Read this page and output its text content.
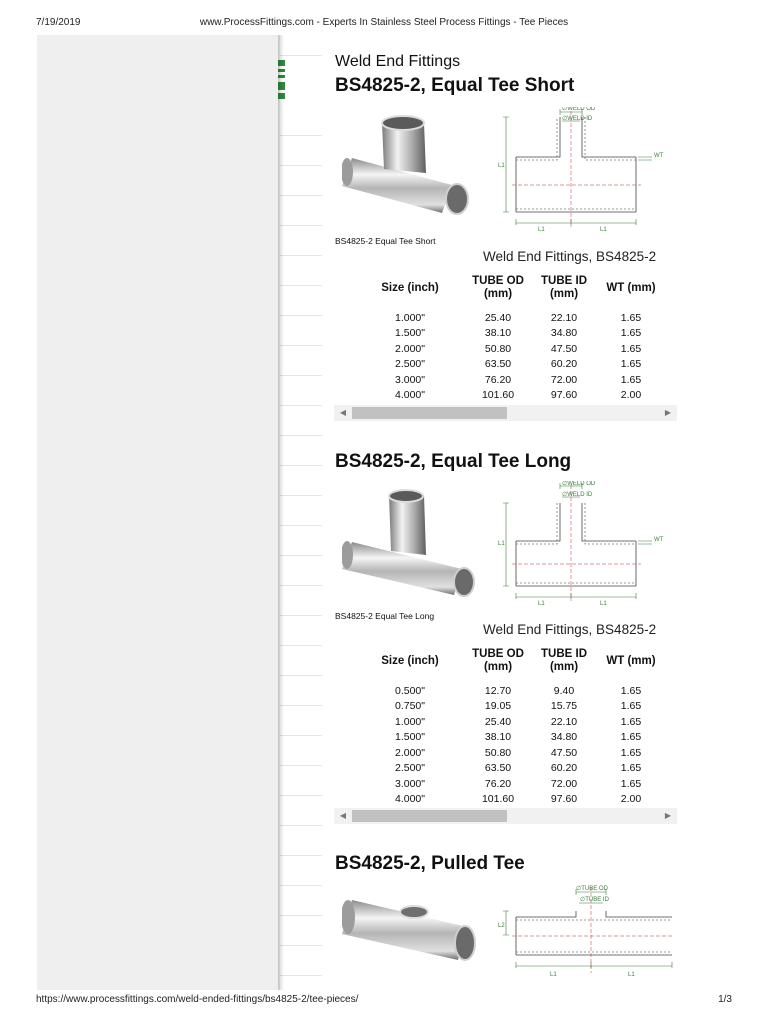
7/19/2019	www.ProcessFittings.com - Experts In Stainless Steel Process Fittings - Tee Pieces
https://www.processfittings.com/weld-ended-fittings/bs4825-2/tee-pieces/	1/3
Weld End Fittings
BS4825-2, Equal Tee Short
∅WELD OD
∅WELD ID
WT
L1
L1	L1
BS4825-2 Equal Tee Short
Weld End Fittings, BS4825-2
Size (inch)	TUBE OD (mm)	TUBE ID (mm)	WT (mm)
1.000"	25.40	22.10	1.65
1.500"	38.10	34.80	1.65
2.000"	50.80	47.50	1.65
2.500"	63.50	60.20	1.65
3.000"	76.20	72.00	1.65
4.000"	101.60	97.60	2.00
◀	▶
BS4825-2, Equal Tee Long
∅WELD OD
∅WELD ID
WT
L1
L1	L1
BS4825-2 Equal Tee Long
Weld End Fittings, BS4825-2
Size (inch)	TUBE OD (mm)	TUBE ID (mm)	WT (mm)
0.500"	12.70	9.40	1.65
0.750"	19.05	15.75	1.65
1.000"	25.40	22.10	1.65
1.500"	38.10	34.80	1.65
2.000"	50.80	47.50	1.65
2.500"	63.50	60.20	1.65
3.000"	76.20	72.00	1.65
4.000"	101.60	97.60	2.00
◀	▶
BS4825-2, Pulled Tee
∅TUBE OD
∅TUBE ID
L2
L1	L1
